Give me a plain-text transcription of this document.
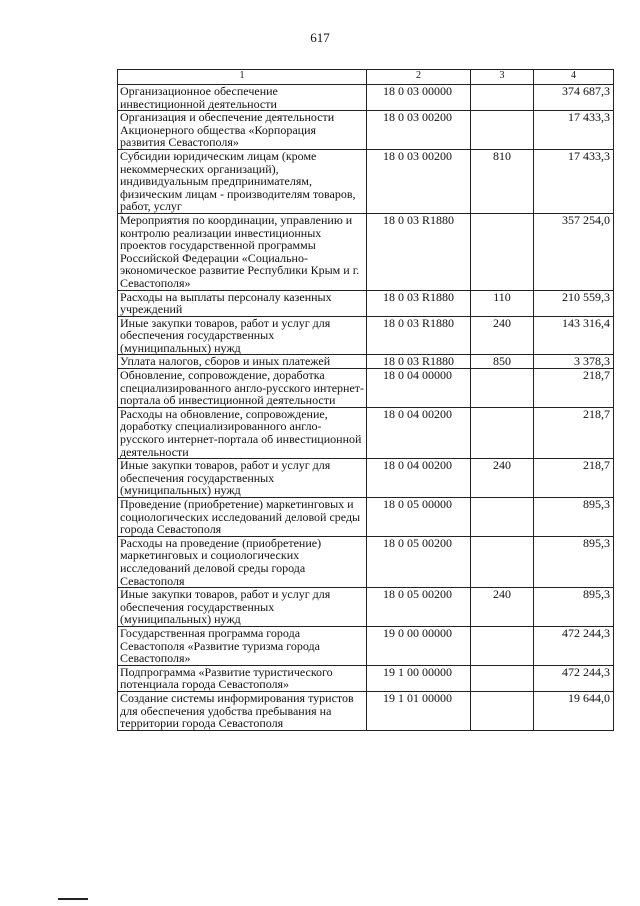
617
1	2	3	4
Организационное обеспечение инвестиционной деятельности	18 0 03 00000		374 687,3
Организация и обеспечение деятельности Акционерного общества «Корпорация развития Севастополя»	18 0 03 00200		17 433,3
Субсидии юридическим лицам (кроме некоммерческих организаций), индивидуальным предпринимателям, физическим лицам - производителям товаров, работ, услуг	18 0 03 00200	810	17 433,3
Мероприятия по координации, управлению и контролю реализации инвестиционных проектов государственной программы Российской Федерации «Социально-экономическое развитие Республики Крым и г. Севастополя»	18 0 03 R1880		357 254,0
Расходы на выплаты персоналу казенных учреждений	18 0 03 R1880	110	210 559,3
Иные закупки товаров, работ и услуг для обеспечения государственных (муниципальных) нужд	18 0 03 R1880	240	143 316,4
Уплата налогов, сборов и иных платежей	18 0 03 R1880	850	3 378,3
Обновление, сопровождение, доработка специализированного англо-русского интернет-портала об инвестиционной деятельности	18 0 04 00000		218,7
Расходы на обновление, сопровождение, доработку специализированного англо-русского интернет-портала об инвестиционной деятельности	18 0 04 00200		218,7
Иные закупки товаров, работ и услуг для обеспечения государственных (муниципальных) нужд	18 0 04 00200	240	218,7
Проведение (приобретение) маркетинговых и социологических исследований деловой среды города Севастополя	18 0 05 00000		895,3
Расходы на проведение (приобретение) маркетинговых и социологических исследований деловой среды города Севастополя	18 0 05 00200		895,3
Иные закупки товаров, работ и услуг для обеспечения государственных (муниципальных) нужд	18 0 05 00200	240	895,3
Государственная программа города Севастополя «Развитие туризма города Севастополя»	19 0 00 00000		472 244,3
Подпрограмма «Развитие туристического потенциала города Севастополя»	19 1 00 00000		472 244,3
Создание системы информирования туристов для обеспечения удобства пребывания на территории города Севастополя	19 1 01 00000		19 644,0
